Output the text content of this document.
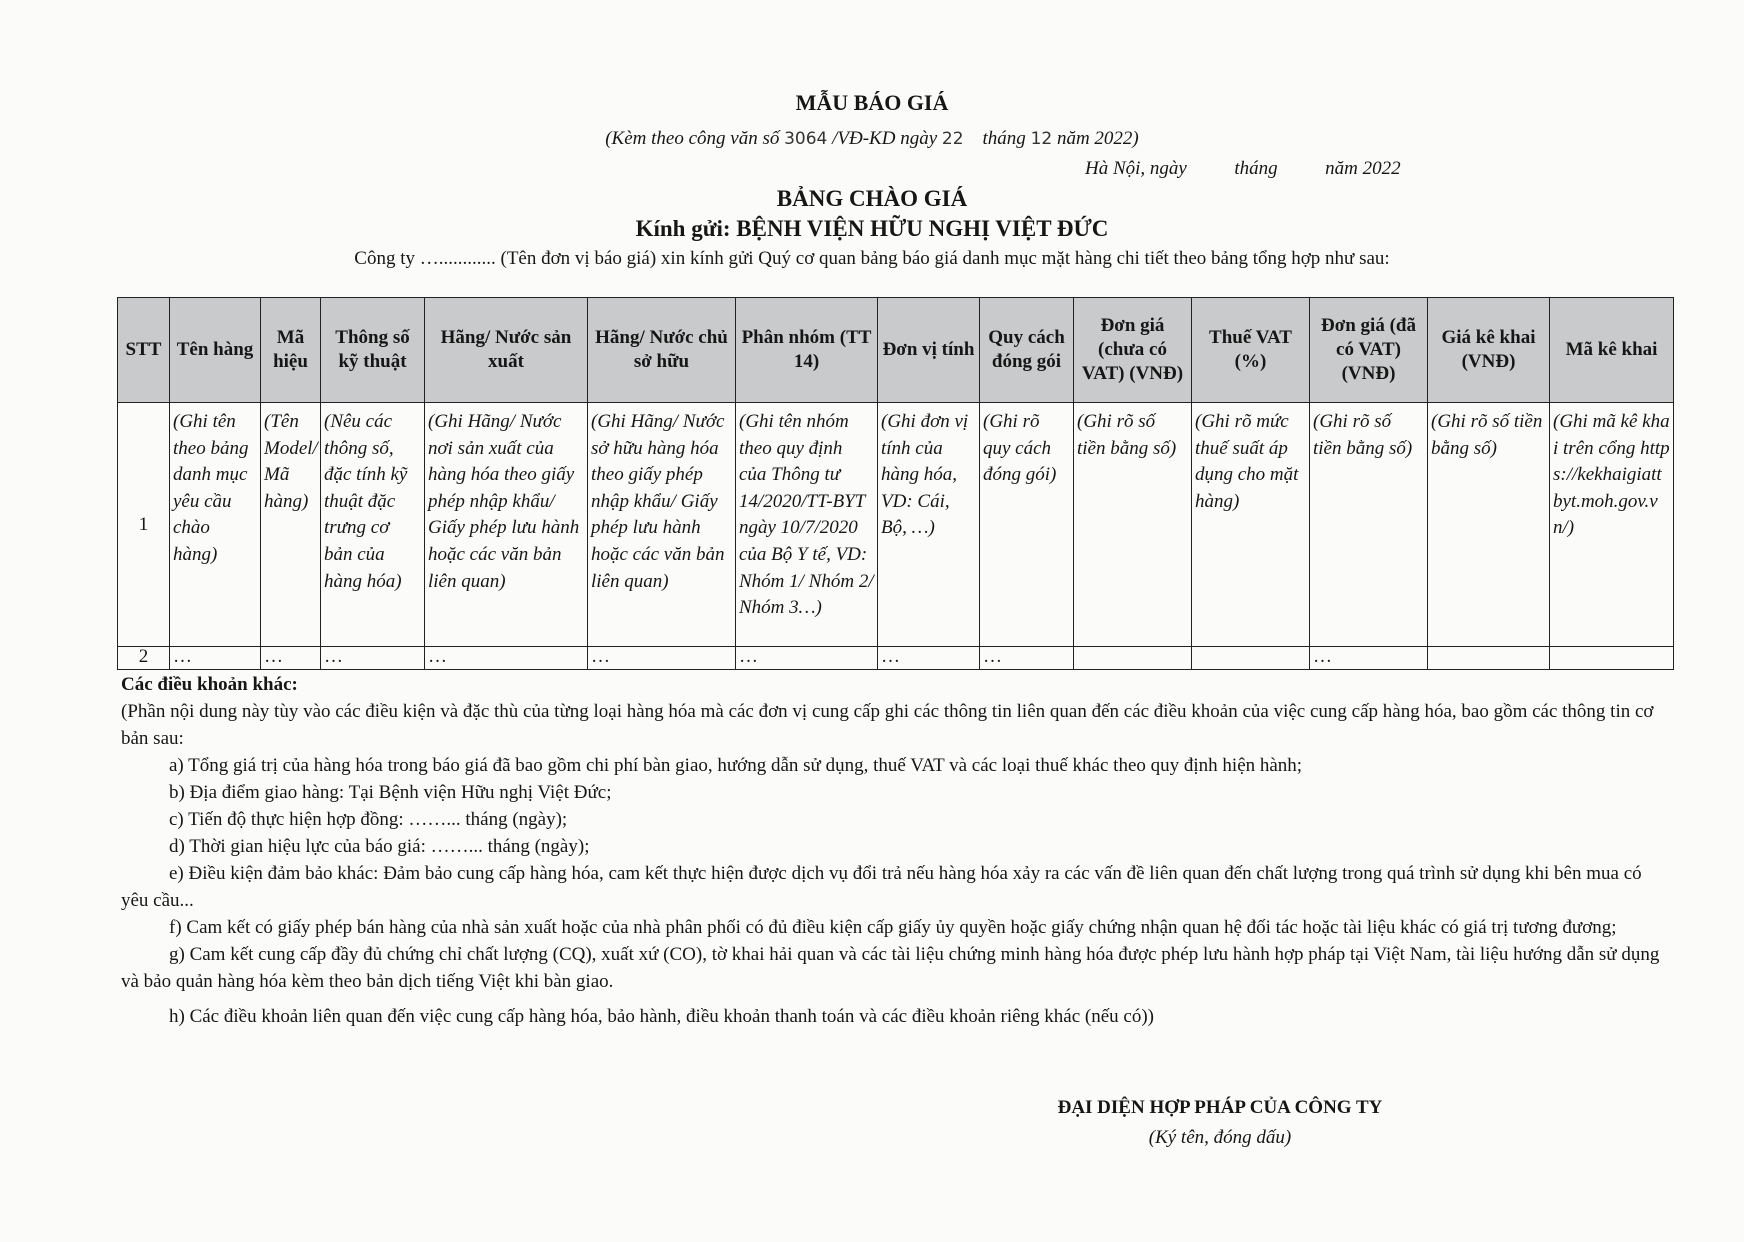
MẪU BÁO GIÁ
(Kèm theo công văn số 3064 /VĐ-KD ngày 22 tháng 12 năm 2022)
Hà Nội, ngày          tháng          năm 2022
BẢNG CHÀO GIÁ
Kính gửi: BỆNH VIỆN HỮU NGHỊ VIỆT ĐỨC
Công ty …............ (Tên đơn vị báo giá) xin kính gửi Quý cơ quan bảng báo giá danh mục mặt hàng chi tiết theo bảng tổng hợp như sau:
STT	Tên hàng	Mã hiệu	Thông số kỹ thuật	Hãng/ Nước sản xuất	Hãng/ Nước chủ sở hữu	Phân nhóm (TT 14)	Đơn vị tính	Quy cách đóng gói	Đơn giá (chưa có VAT) (VNĐ)	Thuế VAT (%)	Đơn giá (đã có VAT) (VNĐ)	Giá kê khai (VNĐ)	Mã kê khai
1	(Ghi tên theo bảng danh mục yêu cầu chào hàng)	(Tên Model/ Mã hàng)	(Nêu các thông số, đặc tính kỹ thuật đặc trưng cơ bản của hàng hóa)	(Ghi Hãng/ Nước nơi sản xuất của hàng hóa theo giấy phép nhập khẩu/ Giấy phép lưu hành hoặc các văn bản liên quan)	(Ghi Hãng/ Nước sở hữu hàng hóa theo giấy phép nhập khẩu/ Giấy phép lưu hành hoặc các văn bản liên quan)	(Ghi tên nhóm theo quy định của Thông tư 14/2020/TT-BYT ngày 10/7/2020 của Bộ Y tế, VD: Nhóm 1/ Nhóm 2/ Nhóm 3…)	(Ghi đơn vị tính của hàng hóa, VD: Cái, Bộ, …)	(Ghi rõ quy cách đóng gói)	(Ghi rõ số tiền bằng số)	(Ghi rõ mức thuế suất áp dụng cho mặt hàng)	(Ghi rõ số tiền bằng số)	(Ghi rõ số tiền bằng số)	(Ghi mã kê khai trên cổng https://kekhaigiattbyt.moh.gov.vn/)
2	…	…	…	…	…	…	…	…			…		

Các điều khoản khác:

(Phần nội dung này tùy vào các điều kiện và đặc thù của từng loại hàng hóa mà các đơn vị cung cấp ghi các thông tin liên quan đến các điều khoản của việc cung cấp hàng hóa, bao gồm các thông tin cơ bản sau:

a) Tổng giá trị của hàng hóa trong báo giá đã bao gồm chi phí bàn giao, hướng dẫn sử dụng, thuế VAT và các loại thuế khác theo quy định hiện hành;

b) Địa điểm giao hàng: Tại Bệnh viện Hữu nghị Việt Đức;

c) Tiến độ thực hiện hợp đồng: ……... tháng (ngày);

d) Thời gian hiệu lực của báo giá: ……... tháng (ngày);

e) Điều kiện đảm bảo khác: Đảm bảo cung cấp hàng hóa, cam kết thực hiện được dịch vụ đổi trả nếu hàng hóa xảy ra các vấn đề liên quan đến chất lượng trong quá trình sử dụng khi bên mua có yêu cầu...

f) Cam kết có giấy phép bán hàng của nhà sản xuất hoặc của nhà phân phối có đủ điều kiện cấp giấy ủy quyền hoặc giấy chứng nhận quan hệ đối tác hoặc tài liệu khác có giá trị tương đương;

g) Cam kết cung cấp đầy đủ chứng chỉ chất lượng (CQ), xuất xứ (CO), tờ khai hải quan và các tài liệu chứng minh hàng hóa được phép lưu hành hợp pháp tại Việt Nam, tài liệu hướng dẫn sử dụng và bảo quản hàng hóa kèm theo bản dịch tiếng Việt khi bàn giao.

h) Các điều khoản liên quan đến việc cung cấp hàng hóa, bảo hành, điều khoản thanh toán và các điều khoản riêng khác (nếu có))

ĐẠI DIỆN HỢP PHÁP CỦA CÔNG TY
(Ký tên, đóng dấu)
